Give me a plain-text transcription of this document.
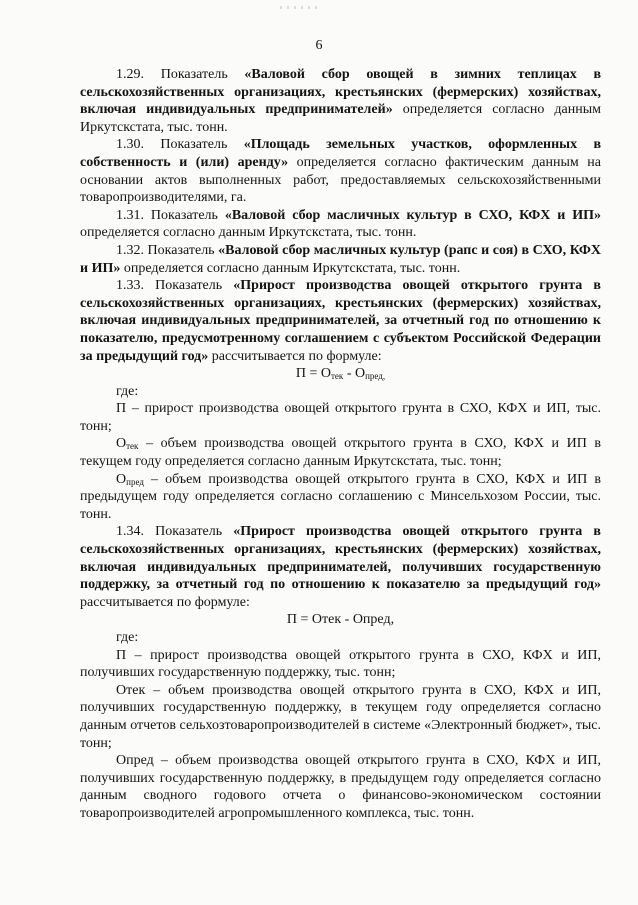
6

1.29. Показатель «Валовой сбор овощей в зимних теплицах в сельскохозяйственных организациях, крестьянских (фермерских) хозяйствах, включая индивидуальных предпринимателей» определяется согласно данным Иркутскстата, тыс. тонн.

1.30. Показатель «Площадь земельных участков, оформленных в собственность и (или) аренду» определяется согласно фактическим данным на основании актов выполненных работ, предоставляемых сельскохозяйственными товаропроизводителями, га.

1.31. Показатель «Валовой сбор масличных культур в СХО, КФХ и ИП» определяется согласно данным Иркутскстата, тыс. тонн.

1.32. Показатель «Валовой сбор масличных культур (рапс и соя) в СХО, КФХ и ИП» определяется согласно данным Иркутскстата, тыс. тонн.

1.33. Показатель «Прирост производства овощей открытого грунта в сельскохозяйственных организациях, крестьянских (фермерских) хозяйствах, включая индивидуальных предпринимателей, за отчетный год по отношению к показателю, предусмотренному соглашением с субъектом Российской Федерации за предыдущий год» рассчитывается по формуле:

$П = О_{тек} - О_{пред,}$

где:

П – прирост производства овощей открытого грунта в СХО, КФХ и ИП, тыс. тонн;

$О_{тек}$ – объем производства овощей открытого грунта в СХО, КФХ и ИП в текущем году определяется согласно данным Иркутскстата, тыс. тонн;

$О_{пред}$ – объем производства овощей открытого грунта в СХО, КФХ и ИП в предыдущем году определяется согласно соглашению с Минсельхозом России, тыс. тонн.

1.34. Показатель «Прирост производства овощей открытого грунта в сельскохозяйственных организациях, крестьянских (фермерских) хозяйствах, включая индивидуальных предпринимателей, получивших государственную поддержку, за отчетный год по отношению к показателю за предыдущий год» рассчитывается по формуле:

П = Отек - Опред,

где:

П – прирост производства овощей открытого грунта в СХО, КФХ и ИП, получивших государственную поддержку, тыс. тонн;

Отек – объем производства овощей открытого грунта в СХО, КФХ и ИП, получивших государственную поддержку, в текущем году определяется согласно данным отчетов сельхозтоваропроизводителей в системе «Электронный бюджет», тыс. тонн;

Опред – объем производства овощей открытого грунта в СХО, КФХ и ИП, получивших государственную поддержку, в предыдущем году определяется согласно данным сводного годового отчета о финансово-экономическом состоянии товаропроизводителей агропромышленного комплекса, тыс. тонн.
